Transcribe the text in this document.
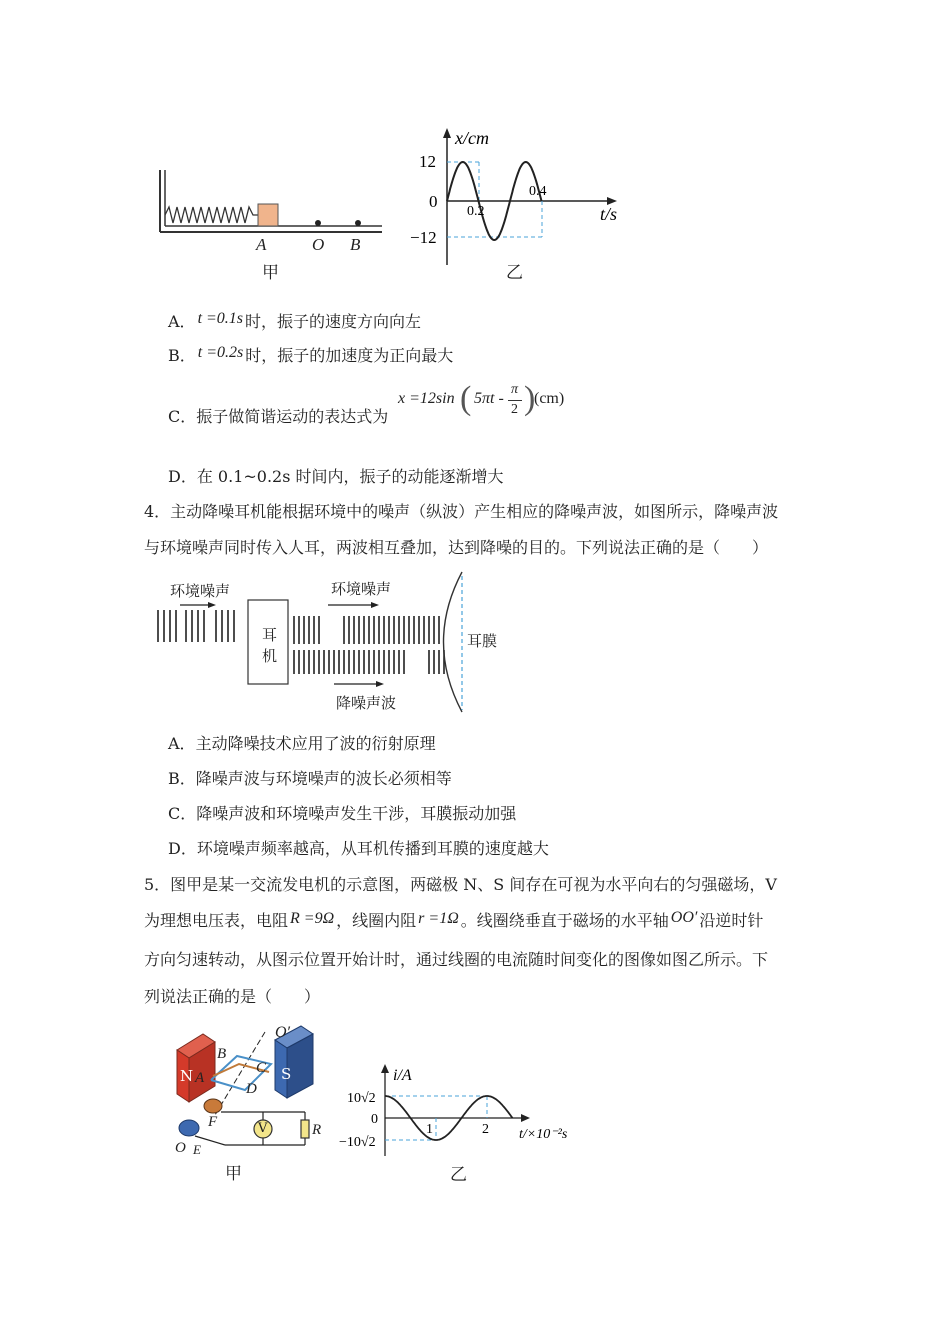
A	O B
甲
x/cm
12
0
−12
0.2
0.4
t/s
乙
A． t =0.1s 时，振子的速度方向向左
B． t =0.2s 时，振子的加速度为正向最大
C．振子做简谐运动的表达式为
x =12sin ( 5πt -
π
2 )
(cm)
D．在 0.1~0.2s 时间内，振子的动能逐渐增大
4．主动降噪耳机能根据环境中的噪声（纵波）产生相应的降噪声波，如图所示，降噪声波
与环境噪声同时传入人耳，两波相互叠加，达到降噪的目的。下列说法正确的是（　　）
环境噪声	环境噪声
降噪声波
耳
机
耳膜
A．主动降噪技术应用了波的衍射原理
B．降噪声波与环境噪声的波长必须相等
C．降噪声波和环境噪声发生干涉，耳膜振动加强
D．环境噪声频率越高，从耳机传播到耳膜的速度越大
5．图甲是某一交流发电机的示意图，两磁极 N、S 间存在可视为水平向右的匀强磁场，V
为理想电压表，电阻 R =9Ω ，线圈内阻 r =1Ω 。线圈绕垂直于磁场的水平轴 OO′ 沿逆时针
方向匀速转动，从图示位置开始计时，通过线圈的电流随时间变化的图像如图乙所示。下
列说法正确的是（　　）
O′
B
N A
C S
D
F	V	R
O E
甲
i/A
10√2
0
−10√2
1	2 t/×10⁻²s
乙
